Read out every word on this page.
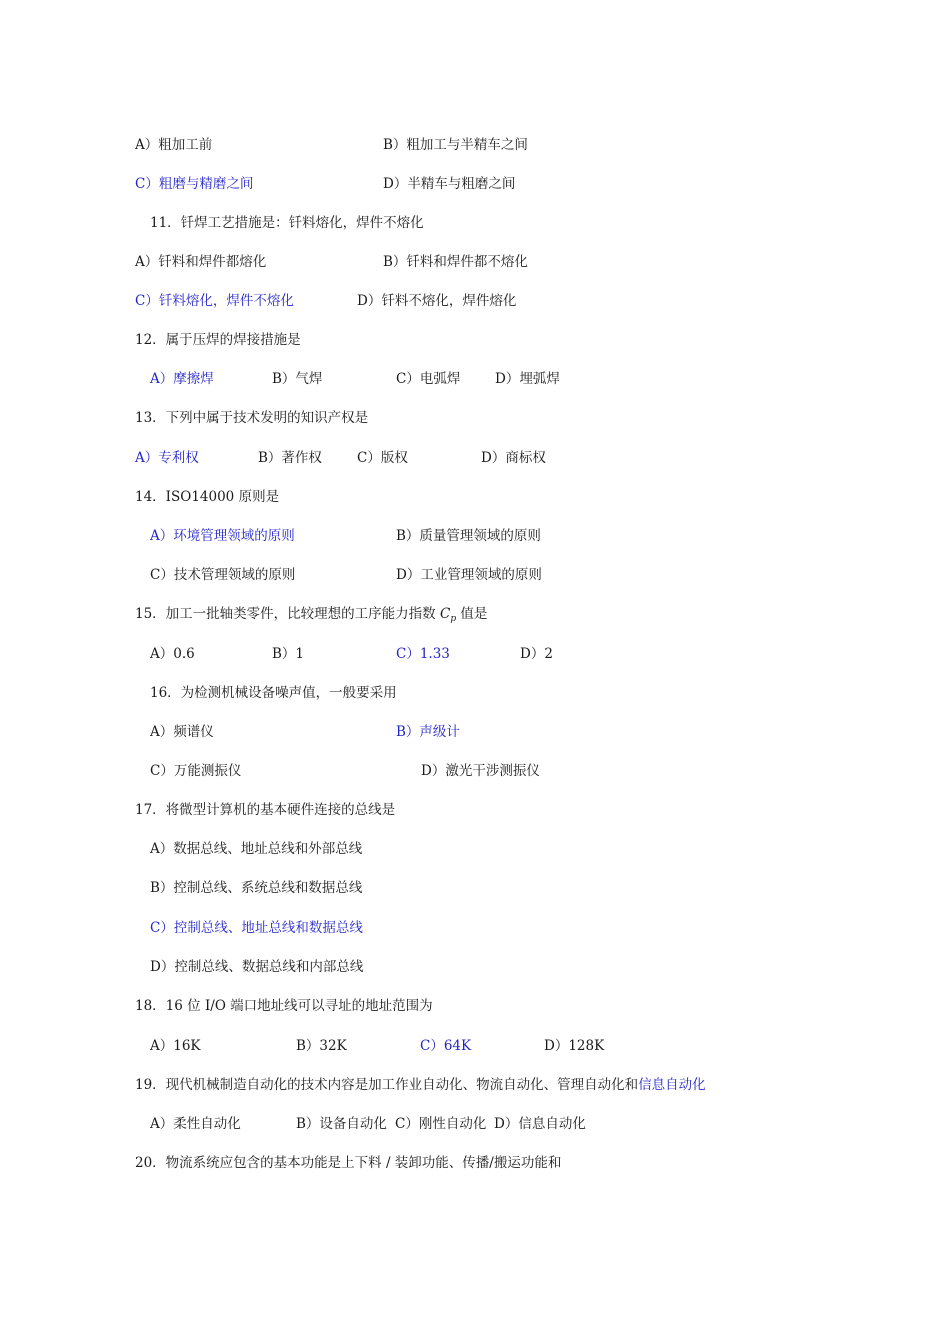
A）粗加工前	B）粗加工与半精车之间
C）粗磨与精磨之间	D）半精车与粗磨之间
11．钎焊工艺措施是：钎料熔化，焊件不熔化
A）钎料和焊件都熔化	B）钎料和焊件都不熔化
C）钎料熔化，焊件不熔化	D）钎料不熔化，焊件熔化
12．属于压焊的焊接措施是
A）摩擦焊	B）气焊	C）电弧焊	D）埋弧焊
13．下列中属于技术发明的知识产权是
A）专利权	B）著作权	C）版权	D）商标权
14．ISO14000 原则是
A）环境管理领域的原则	B）质量管理领域的原则
C）技术管理领域的原则	D）工业管理领域的原则
15．加工一批轴类零件，比较理想的工序能力指数 $C_p$ 值是
A）0.6	B）1	C）1.33	D）2
16．为检测机械设备噪声值，一般要采用
A）频谱仪	B）声级计
C）万能测振仪	D）激光干涉测振仪
17．将微型计算机的基本硬件连接的总线是
A）数据总线、地址总线和外部总线
B）控制总线、系统总线和数据总线
C）控制总线、地址总线和数据总线
D）控制总线、数据总线和内部总线
18．16 位 I/O 端口地址线可以寻址的地址范围为
A）16K	B）32K	C）64K	D）128K
19．现代机械制造自动化的技术内容是加工作业自动化、物流自动化、管理自动化和信息自动化
A）柔性自动化	B）设备自动化 C）刚性自动化 D）信息自动化
20．物流系统应包含的基本功能是上下料 / 装卸功能、传播/搬运功能和
